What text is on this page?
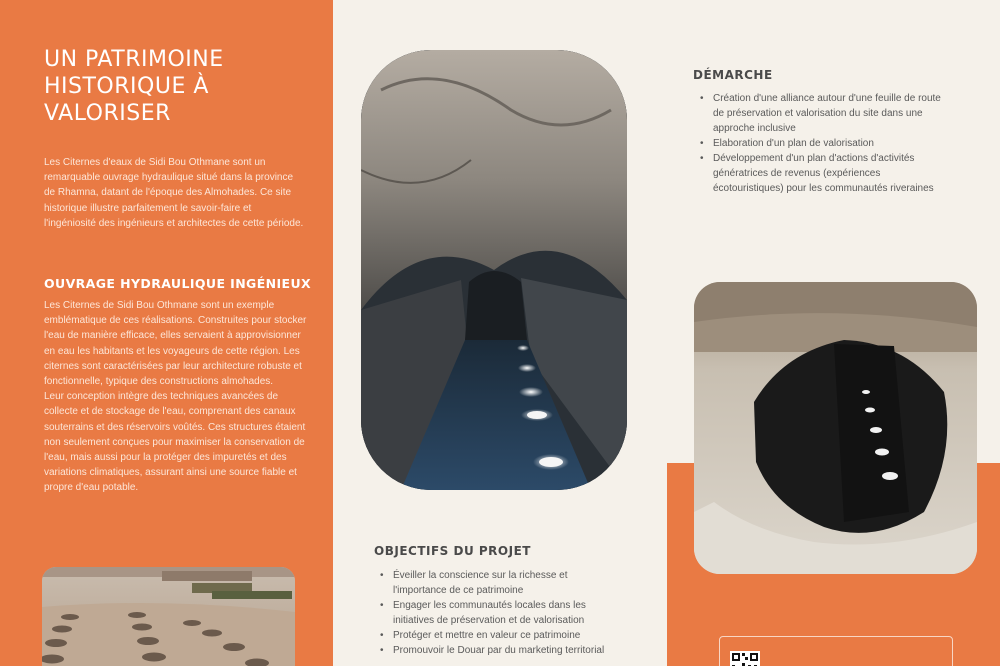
UN PATRIMOINE HISTORIQUE À VALORISER

Les Citernes d'eaux de Sidi Bou Othmane sont un remarquable ouvrage hydraulique situé dans la province de Rhamna, datant de l'époque des Almohades. Ce site historique illustre parfaitement le savoir-faire et l'ingéniosité des ingénieurs et architectes de cette période.

OUVRAGE HYDRAULIQUE INGÉNIEUX

Les Citernes de Sidi Bou Othmane sont un exemple emblématique de ces réalisations. Construites pour stocker l'eau de manière efficace, elles servaient à approvisionner en eau les habitants et les voyageurs de cette région. Les citernes sont caractérisées par leur architecture robuste et fonctionnelle, typique des constructions almohades.

Leur conception intègre des techniques avancées de collecte et de stockage de l'eau, comprenant des canaux souterrains et des réservoirs voûtés. Ces structures étaient non seulement conçues pour maximiser la conservation de l'eau, mais aussi pour la protéger des impuretés et des variations climatiques, assurant ainsi une source fiable et propre d'eau potable.

OBJECTIFS DU PROJET
• Éveiller la conscience sur la richesse et l'importance de ce patrimoine
• Engager les communautés locales dans les initiatives de préservation et de valorisation
• Protéger et mettre en valeur ce patrimoine
• Promouvoir le Douar par du marketing territorial
DÉMARCHE
• Création d'une alliance autour d'une feuille de route de préservation et valorisation du site dans une approche inclusive
• Elaboration d'un plan de valorisation
• Développement d'un plan d'actions d'activités génératrices de revenus (expériences écotouristiques) pour les communautés riveraines
